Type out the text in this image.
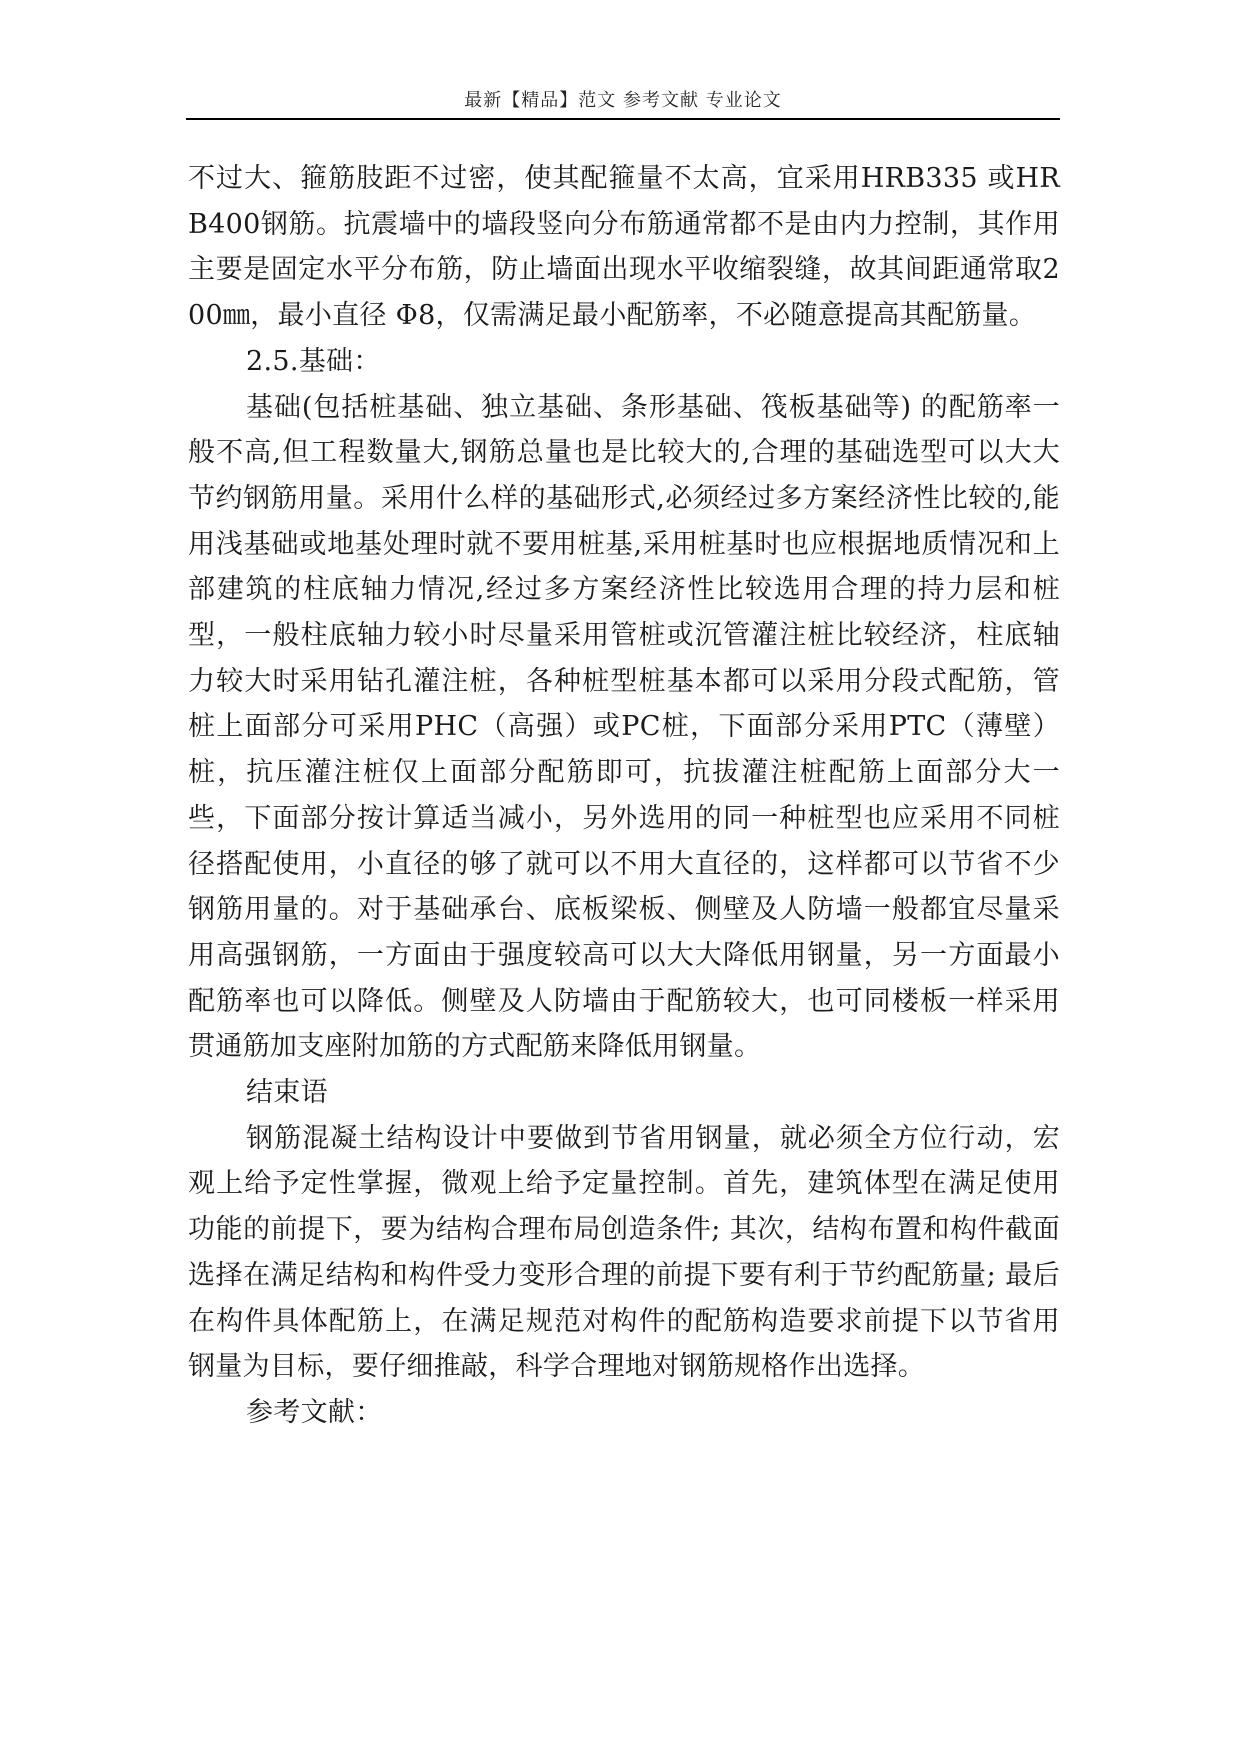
最新【精品】范文 参考文献 专业论文

不过大、箍筋肢距不过密，使其配箍量不太高，宜采用HRB335 或HRB400钢筋。抗震墙中的墙段竖向分布筋通常都不是由内力控制，其作用主要是固定水平分布筋，防止墙面出现水平收缩裂缝，故其间距通常取200㎜，最小直径 Φ8，仅需满足最小配筋率，不必随意提高其配筋量。

2.5.基础：

基础(包括桩基础、独立基础、条形基础、筏板基础等) 的配筋率一般不高,但工程数量大,钢筋总量也是比较大的,合理的基础选型可以大大节约钢筋用量。采用什么样的基础形式,必须经过多方案经济性比较的,能用浅基础或地基处理时就不要用桩基,采用桩基时也应根据地质情况和上部建筑的柱底轴力情况,经过多方案经济性比较选用合理的持力层和桩型，一般柱底轴力较小时尽量采用管桩或沉管灌注桩比较经济，柱底轴力较大时采用钻孔灌注桩，各种桩型桩基本都可以采用分段式配筋，管桩上面部分可采用PHC（高强）或PC桩，下面部分采用PTC（薄壁）桩，抗压灌注桩仅上面部分配筋即可，抗拔灌注桩配筋上面部分大一些，下面部分按计算适当减小，另外选用的同一种桩型也应采用不同桩径搭配使用，小直径的够了就可以不用大直径的，这样都可以节省不少钢筋用量的。对于基础承台、底板梁板、侧壁及人防墙一般都宜尽量采用高强钢筋，一方面由于强度较高可以大大降低用钢量，另一方面最小配筋率也可以降低。侧壁及人防墙由于配筋较大，也可同楼板一样采用贯通筋加支座附加筋的方式配筋来降低用钢量。

结束语

钢筋混凝土结构设计中要做到节省用钢量，就必须全方位行动，宏观上给予定性掌握，微观上给予定量控制。首先，建筑体型在满足使用功能的前提下，要为结构合理布局创造条件; 其次，结构布置和构件截面选择在满足结构和构件受力变形合理的前提下要有利于节约配筋量; 最后在构件具体配筋上，在满足规范对构件的配筋构造要求前提下以节省用钢量为目标，要仔细推敲，科学合理地对钢筋规格作出选择。

参考文献：
